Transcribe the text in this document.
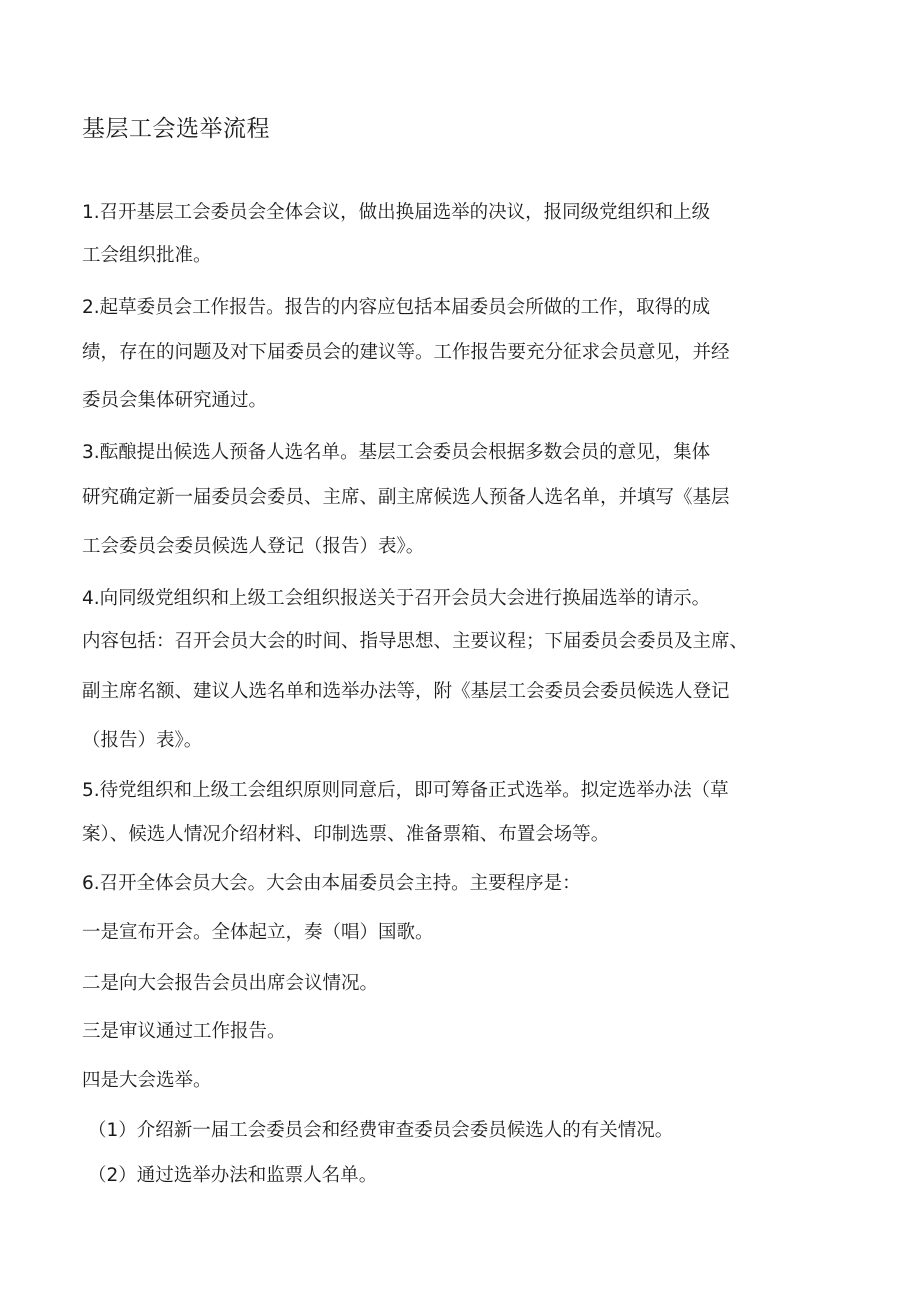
基层工会选举流程

1.召开基层工会委员会全体会议，做出换届选举的决议，报同级党组织和上级

工会组织批准。

2.起草委员会工作报告。报告的内容应包括本届委员会所做的工作，取得的成

绩，存在的问题及对下届委员会的建议等。工作报告要充分征求会员意见，并经

委员会集体研究通过。

3.酝酿提出候选人预备人选名单。基层工会委员会根据多数会员的意见，集体

研究确定新一届委员会委员、主席、副主席候选人预备人选名单，并填写《基层

工会委员会委员候选人登记（报告）表》。

4.向同级党组织和上级工会组织报送关于召开会员大会进行换届选举的请示。

内容包括：召开会员大会的时间、指导思想、主要议程；下届委员会委员及主席、

副主席名额、建议人选名单和选举办法等，附《基层工会委员会委员候选人登记

（报告）表》。

5.待党组织和上级工会组织原则同意后，即可筹备正式选举。拟定选举办法（草

案）、候选人情况介绍材料、印制选票、准备票箱、布置会场等。

6.召开全体会员大会。大会由本届委员会主持。主要程序是：

一是宣布开会。全体起立，奏（唱）国歌。

二是向大会报告会员出席会议情况。

三是审议通过工作报告。

四是大会选举。

（1）介绍新一届工会委员会和经费审查委员会委员候选人的有关情况。

（2）通过选举办法和监票人名单。
